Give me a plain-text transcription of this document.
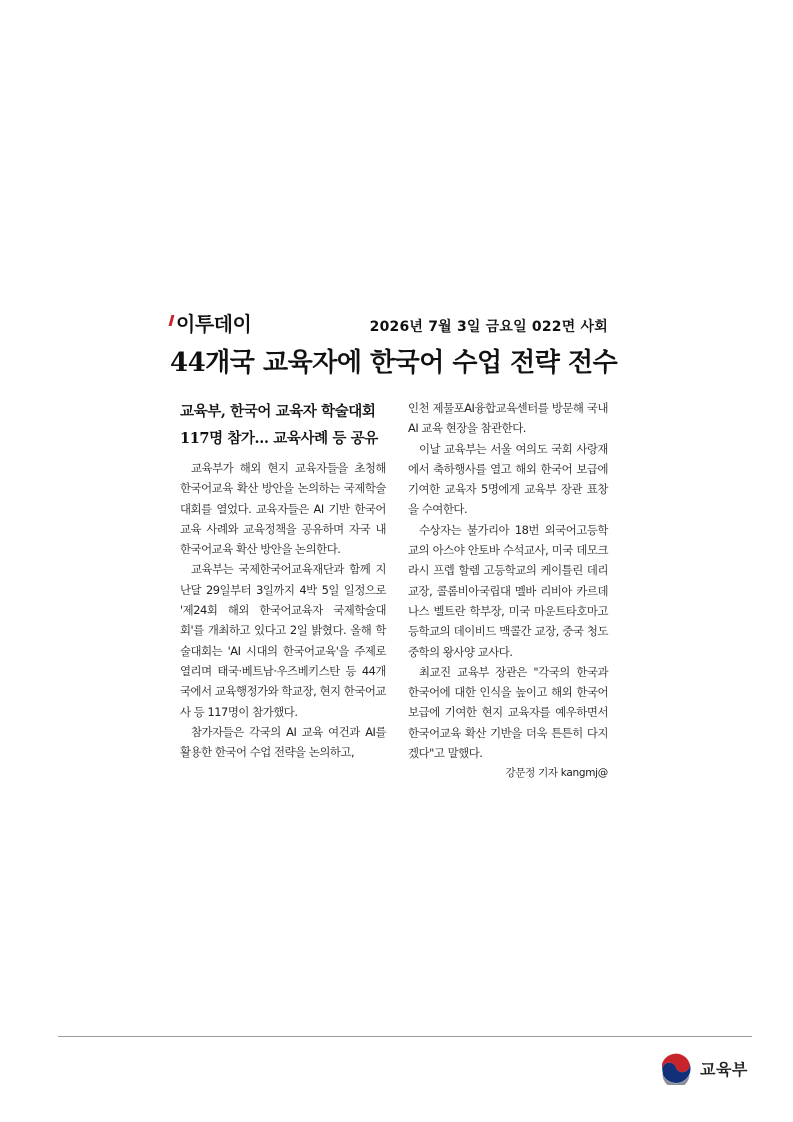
이투데이	2026년 7월 3일 금요일 022면 사회
44개국 교육자에 한국어 수업 전략 전수
교육부, 한국어 교육자 학술대회
117명 참가… 교육사례 등 공유

교육부가 해외 현지 교육자들을 초청해 한국어교육 확산 방안을 논의하는 국제학술대회를 열었다. 교육자들은 AI 기반 한국어교육 사례와 교육정책을 공유하며 자국 내 한국어교육 확산 방안을 논의한다.

교육부는 국제한국어교육재단과 함께 지난달 29일부터 3일까지 4박 5일 일정으로 '제24회 해외 한국어교육자 국제학술대회'를 개최하고 있다고 2일 밝혔다. 올해 학술대회는 'AI 시대의 한국어교육'을 주제로 열리며 태국·베트남·우즈베키스탄 등 44개국에서 교육행정가와 학교장, 현지 한국어교사 등 117명이 참가했다.

참가자들은 각국의 AI 교육 여건과 AI를 활용한 한국어 수업 전략을 논의하고,

인천 제물포AI융합교육센터를 방문해 국내 AI 교육 현장을 참관한다.

이날 교육부는 서울 여의도 국회 사랑재에서 축하행사를 열고 해외 한국어 보급에 기여한 교육자 5명에게 교육부 장관 표창을 수여한다.

수상자는 불가리아 18번 외국어고등학교의 아스야 안토바 수석교사, 미국 데모크라시 프렙 할렘 고등학교의 케이틀린 데리 교장, 콜롬비아국립대 멜바 리비아 카르데나스 벨트란 학부장, 미국 마운트타호마고등학교의 데이비드 맥콜간 교장, 중국 청도중학의 왕사양 교사다.

최교진 교육부 장관은 "각국의 한국과 한국어에 대한 인식을 높이고 해외 한국어 보급에 기여한 현지 교육자를 예우하면서 한국어교육 확산 기반을 더욱 튼튼히 다지겠다"고 말했다.

강문정 기자 kangmj@
교육부
